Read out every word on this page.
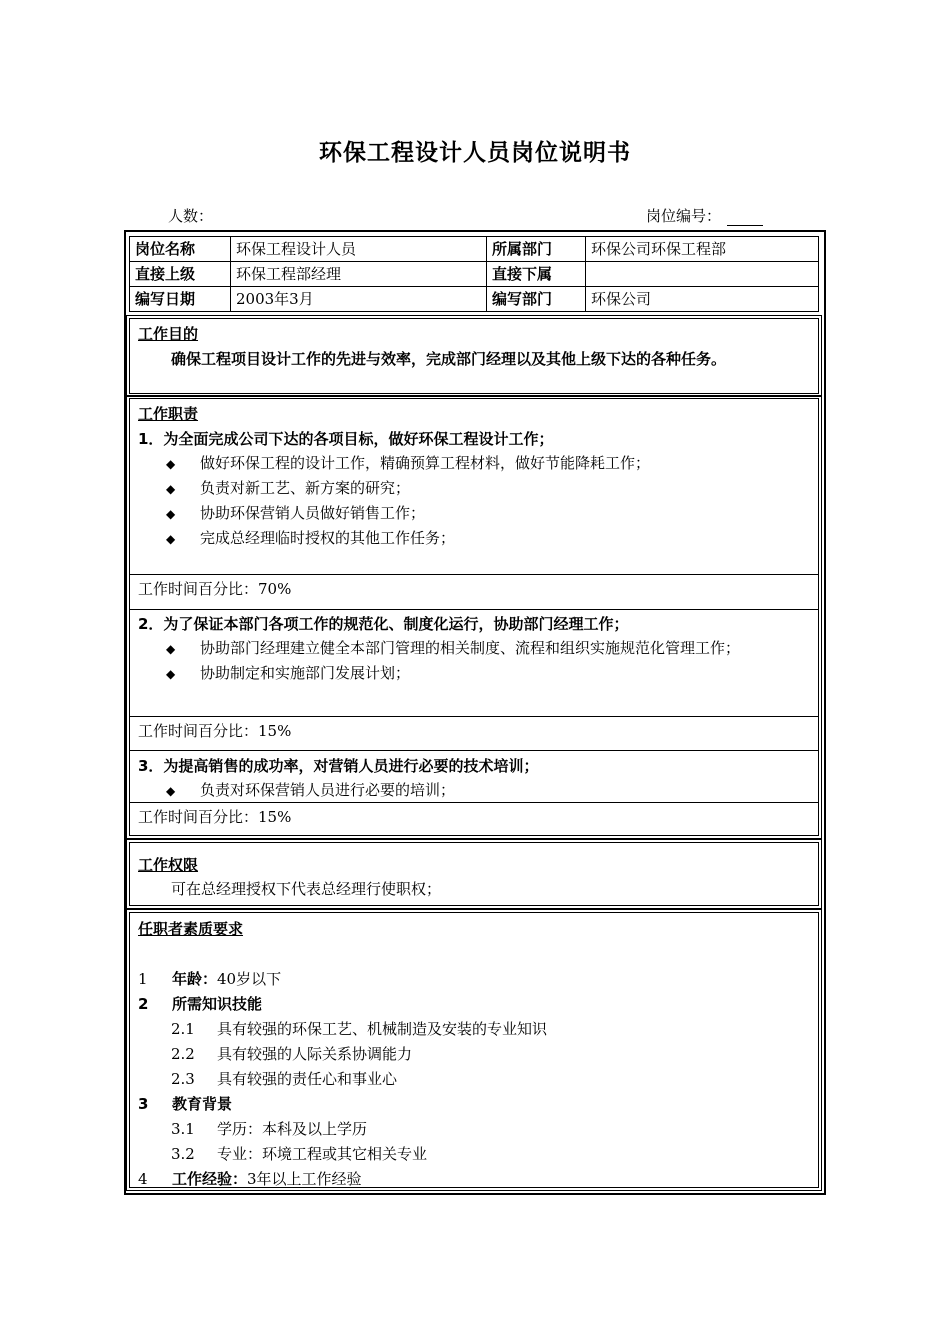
环保工程设计人员岗位说明书
人数：	岗位编号：
岗位名称	环保工程设计人员	所属部门	环保公司环保工程部
直接上级	环保工程部经理	直接下属	
编写日期	2003年3月	编写部门	环保公司
工作目的
确保工程项目设计工作的先进与效率，完成部门经理以及其他上级下达的各种任务。
工作职责
1．为全面完成公司下达的各项目标，做好环保工程设计工作；
◆ 做好环保工程的设计工作，精确预算工程材料，做好节能降耗工作；
◆ 负责对新工艺、新方案的研究；
◆ 协助环保营销人员做好销售工作；
◆ 完成总经理临时授权的其他工作任务；
工作时间百分比：70%
2．为了保证本部门各项工作的规范化、制度化运行，协助部门经理工作；
◆ 协助部门经理建立健全本部门管理的相关制度、流程和组织实施规范化管理工作；
◆ 协助制定和实施部门发展计划；
工作时间百分比：15%
3．为提高销售的成功率，对营销人员进行必要的技术培训；
◆ 负责对环保营销人员进行必要的培训；
工作时间百分比：15%
工作权限
可在总经理授权下代表总经理行使职权；
任职者素质要求
1 年龄：40岁以下
2 所需知识技能
2.1 具有较强的环保工艺、机械制造及安装的专业知识
2.2 具有较强的人际关系协调能力
2.3 具有较强的责任心和事业心
3 教育背景
3.1 学历：本科及以上学历
3.2 专业：环境工程或其它相关专业
4 工作经验：3年以上工作经验
